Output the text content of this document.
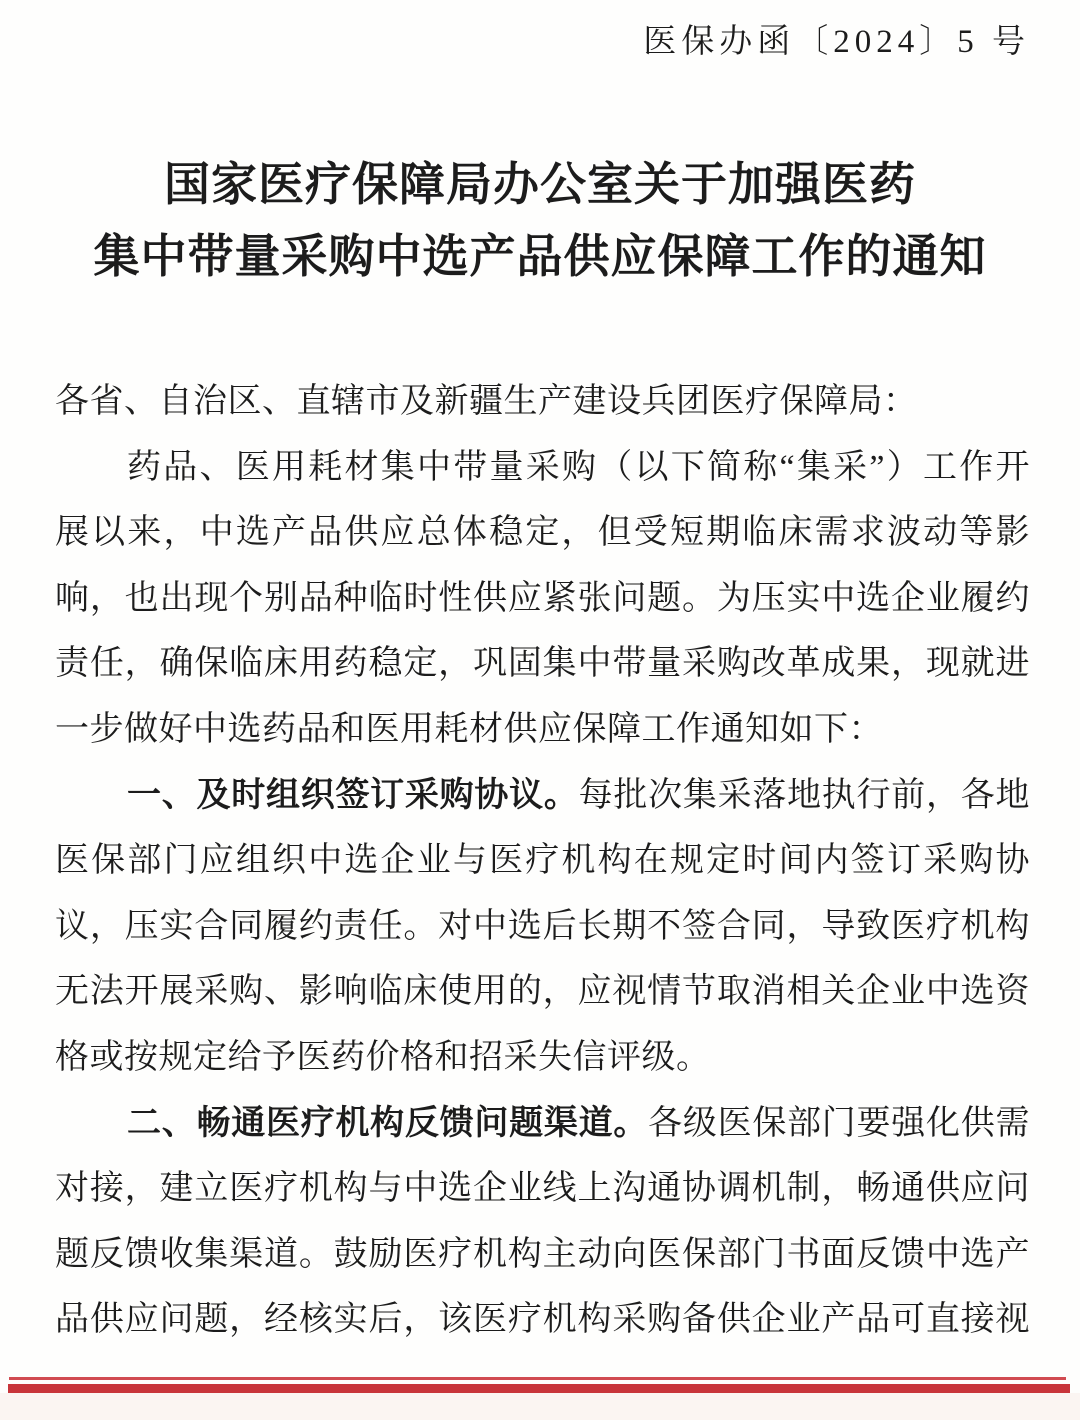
医保办函〔2024〕5 号
国家医疗保障局办公室关于加强医药
集中带量采购中选产品供应保障工作的通知
各省、自治区、直辖市及新疆生产建设兵团医疗保障局：
药品、医用耗材集中带量采购（以下简称“集采”）工作开
展以来，中选产品供应总体稳定，但受短期临床需求波动等影
响，也出现个别品种临时性供应紧张问题。为压实中选企业履约
责任，确保临床用药稳定，巩固集中带量采购改革成果，现就进
一步做好中选药品和医用耗材供应保障工作通知如下：
一、及时组织签订采购协议。每批次集采落地执行前，各地
医保部门应组织中选企业与医疗机构在规定时间内签订采购协
议，压实合同履约责任。对中选后长期不签合同，导致医疗机构
无法开展采购、影响临床使用的，应视情节取消相关企业中选资
格或按规定给予医药价格和招采失信评级。
二、畅通医疗机构反馈问题渠道。各级医保部门要强化供需
对接，建立医疗机构与中选企业线上沟通协调机制，畅通供应问
题反馈收集渠道。鼓励医疗机构主动向医保部门书面反馈中选产
品供应问题，经核实后，该医疗机构采购备供企业产品可直接视
